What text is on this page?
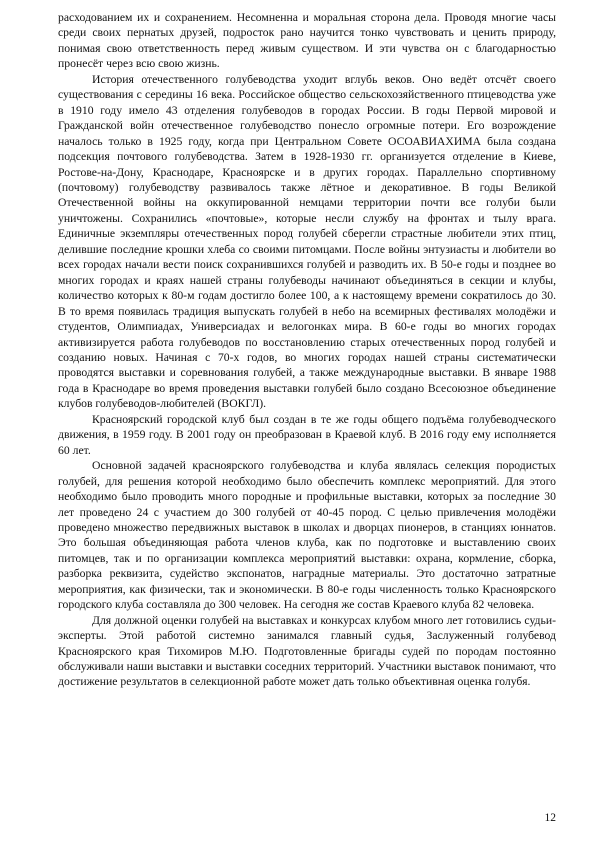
расходованием их и сохранением. Несомненна и моральная сторона дела. Проводя многие часы среди своих пернатых друзей, подросток рано научится тонко чувствовать и ценить природу, понимая свою ответственность перед живым существом. И эти чувства он с благодарностью пронесёт через всю свою жизнь.

История отечественного голубеводства уходит вглубь веков. Оно ведёт отсчёт своего существования с середины 16 века. Российское общество сельскохозяйственного птицеводства уже в 1910 году имело 43 отделения голубеводов в городах России. В годы Первой мировой и Гражданской войн отечественное голубеводство понесло огромные потери. Его возрождение началось только в 1925 году, когда при Центральном Совете ОСОАВИАХИМА была создана подсекция почтового голубеводства. Затем в 1928-1930 гг. организуется отделение в Киеве, Ростове-на-Дону, Краснодаре, Красноярске и в других городах. Параллельно спортивному (почтовому) голубеводству развивалось также лётное и декоративное. В годы Великой Отечественной войны на оккупированной немцами территории почти все голуби были уничтожены. Сохранились «почтовые», которые несли службу на фронтах и тылу врага. Единичные экземпляры отечественных пород голубей сберегли страстные любители этих птиц, делившие последние крошки хлеба со своими питомцами. После войны энтузиасты и любители во всех городах начали вести поиск сохранившихся голубей и разводить их. В 50-е годы и позднее во многих городах и краях нашей страны голубеводы начинают объединяться в секции и клубы, количество которых к 80-м годам достигло более 100, а к настоящему времени сократилось до 30. В то время появилась традиция выпускать голубей в небо на всемирных фестивалях молодёжи и студентов, Олимпиадах, Универсиадах и велогонках мира. В 60-е годы во многих городах активизируется работа голубеводов по восстановлению старых отечественных пород голубей и созданию новых. Начиная с 70-х годов, во многих городах нашей страны систематически проводятся выставки и соревнования голубей, а также международные выставки. В январе 1988 года в Краснодаре во время проведения выставки голубей было создано Всесоюзное объединение клубов голубеводов-любителей (ВОКГЛ).

Красноярский городской клуб был создан в те же годы общего подъёма голубеводческого движения, в 1959 году. В 2001 году он преобразован в Краевой клуб. В 2016 году ему исполняется 60 лет.

Основной задачей красноярского голубеводства и клуба являлась селекция породистых голубей, для решения которой необходимо было обеспечить комплекс мероприятий. Для этого необходимо было проводить много породные и профильные выставки, которых за последние 30 лет проведено 24 с участием до 300 голубей от 40-45 пород. С целью привлечения молодёжи проведено множество передвижных выставок в школах и дворцах пионеров, в станциях юннатов. Это большая объединяющая работа членов клуба, как по подготовке и выставлению своих питомцев, так и по организации комплекса мероприятий выставки: охрана, кормление, сборка, разборка реквизита, судейство экспонатов, наградные материалы. Это достаточно затратные мероприятия, как физически, так и экономически. В 80-е годы численность только Красноярского городского клуба составляла до 300 человек. На сегодня же состав Краевого клуба 82 человека.

Для должной оценки голубей на выставках и конкурсах клубом много лет готовились судьи-эксперты. Этой работой системно занимался главный судья, Заслуженный голубевод Красноярского края Тихомиров М.Ю. Подготовленные бригады судей по породам постоянно обслуживали наши выставки и выставки соседних территорий. Участники выставок понимают, что достижение результатов в селекционной работе может дать только объективная оценка голубя.

12
